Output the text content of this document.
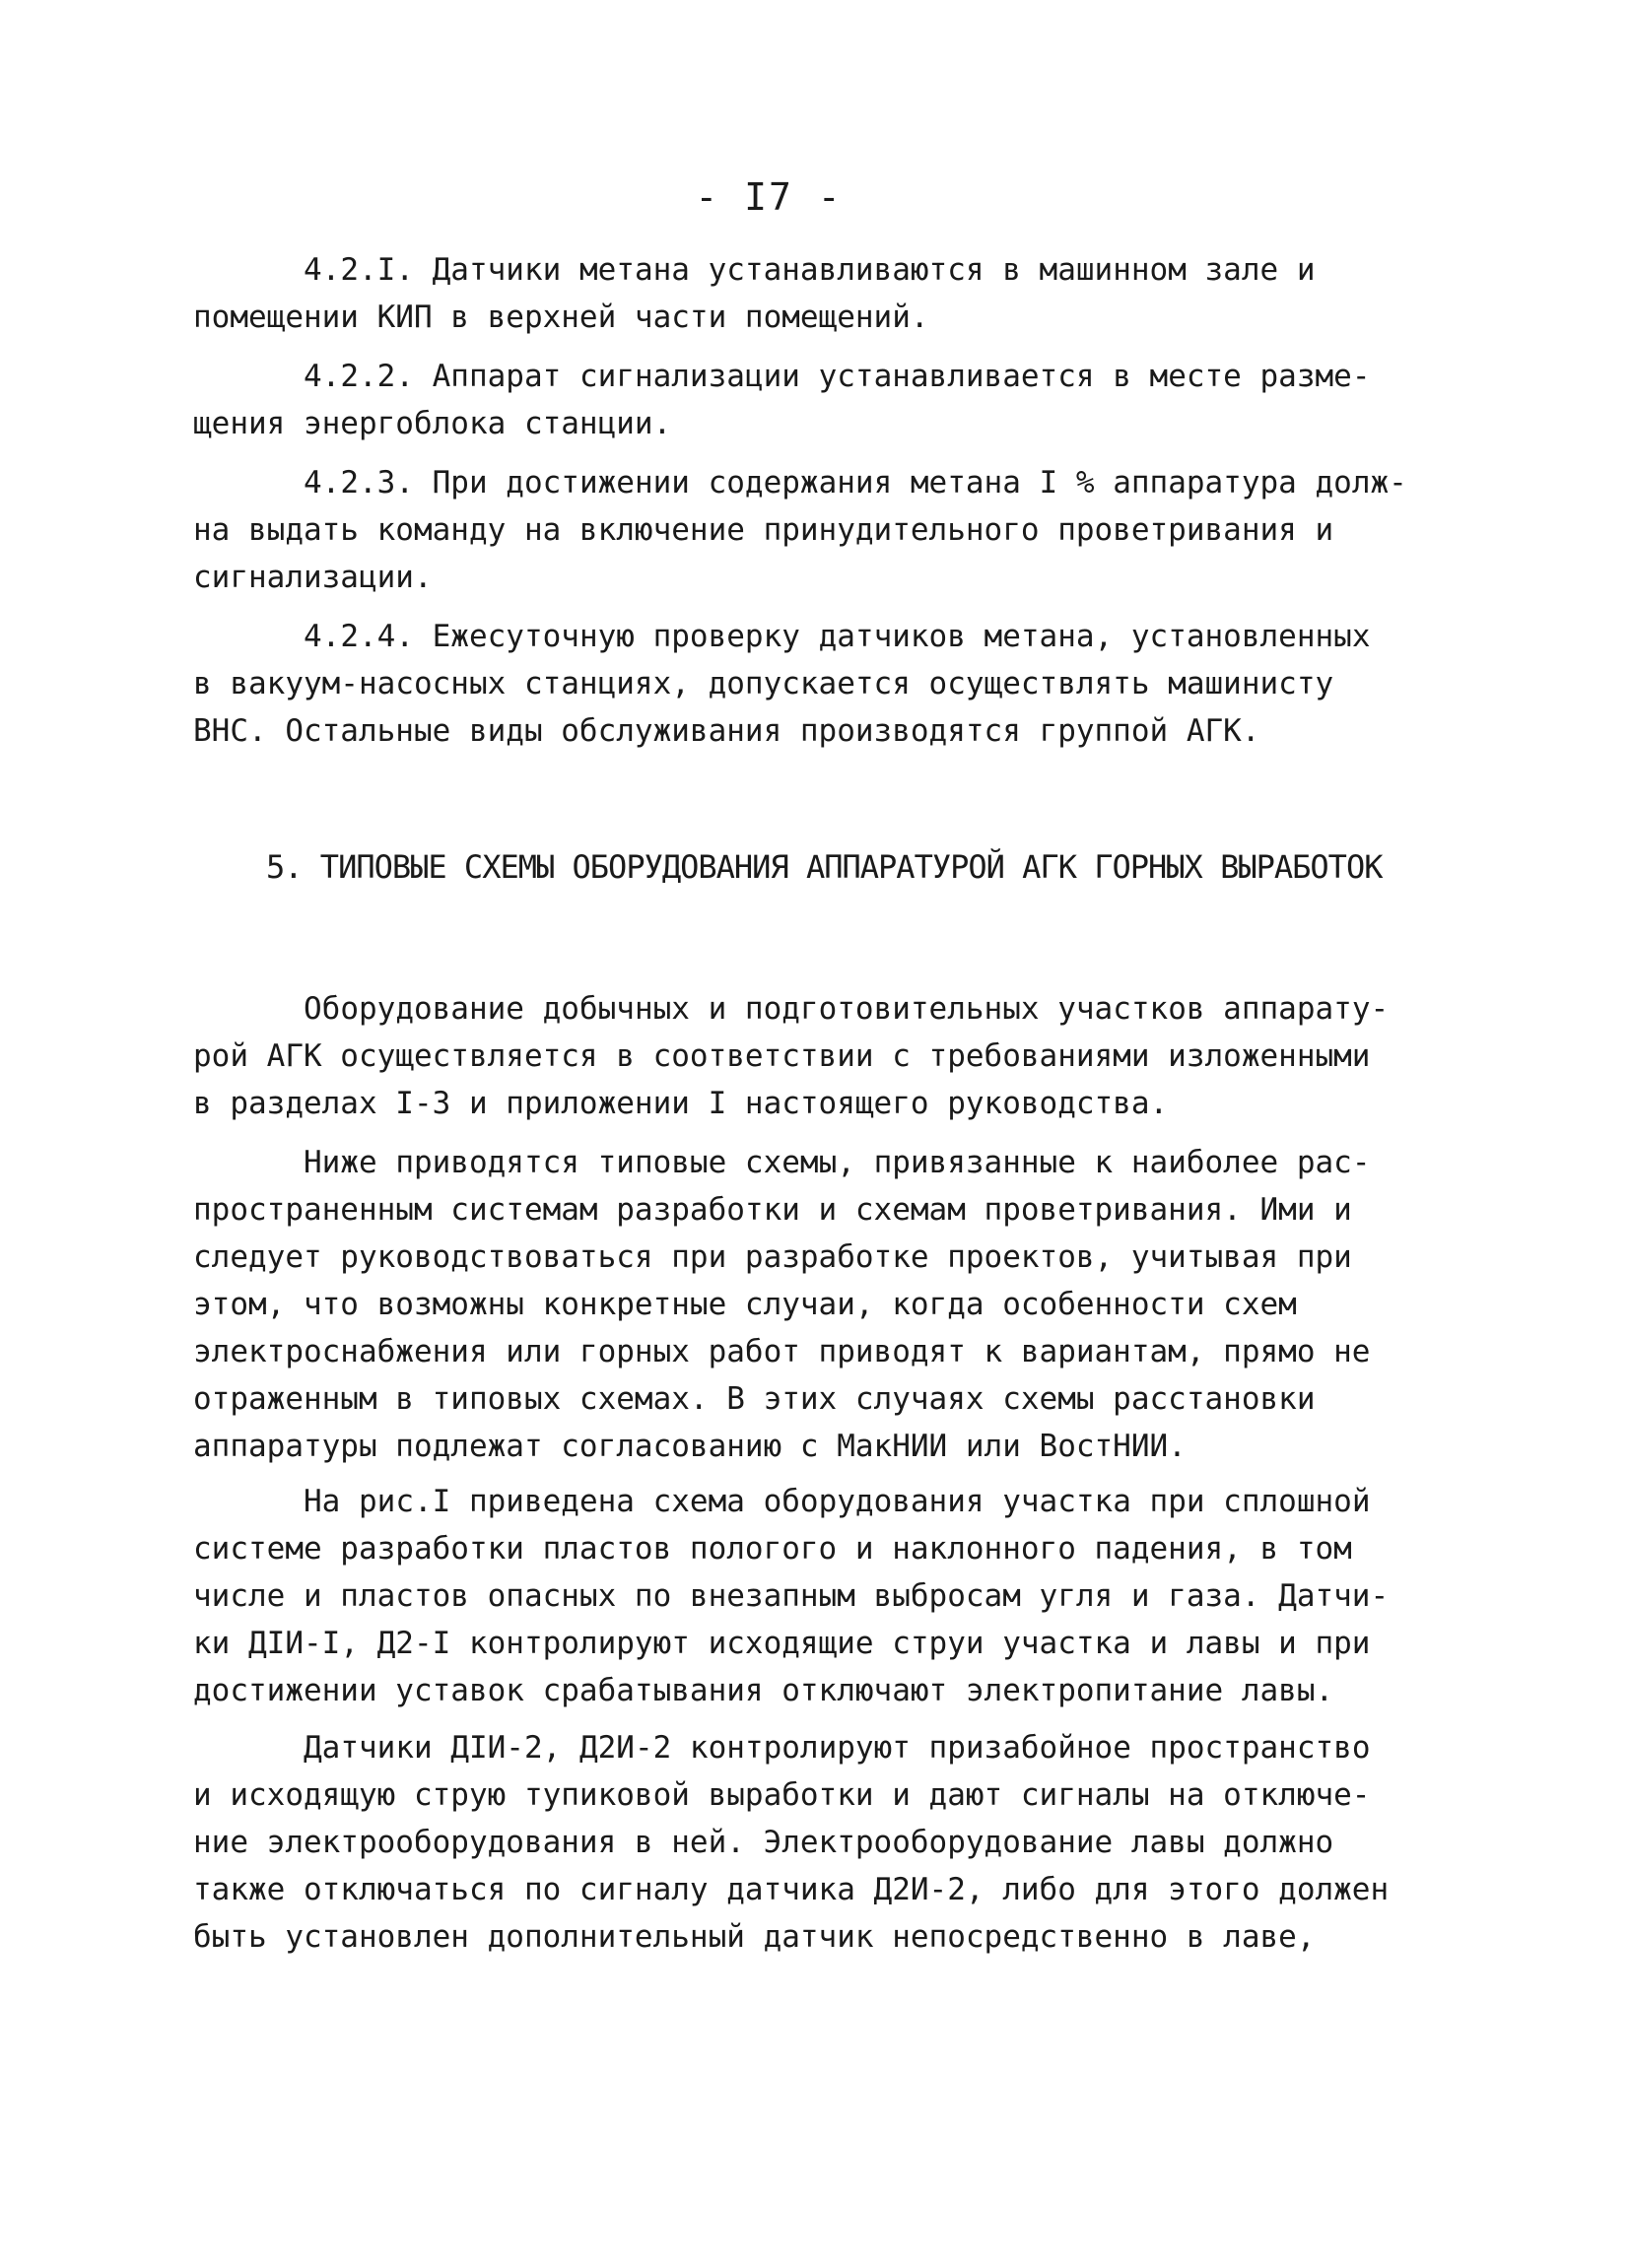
- I7 -

4.2.I. Датчики метана устанавливаются в машинном зале и
помещении КИП в верхней части помещений.

4.2.2. Аппарат сигнализации устанавливается в месте разме-
щения энергоблока станции.

4.2.3. При достижении содержания метана I % аппаратура долж-
на выдать команду на включение принудительного проветривания и
сигнализации.

4.2.4. Ежесуточную проверку датчиков метана, установленных
в вакуум-насосных станциях, допускается осуществлять машинисту
ВНС. Остальные виды обслуживания производятся группой АГК.

5. ТИПОВЫЕ СХЕМЫ ОБОРУДОВАНИЯ АППАРАТУРОЙ АГК ГОРНЫХ ВЫРАБОТОК

Оборудование добычных и подготовительных участков аппарату-
рой АГК осуществляется в соответствии с требованиями изложенными
в разделах I-3 и приложении I настоящего руководства.

Ниже приводятся типовые схемы, привязанные к наиболее рас-
пространенным системам разработки и схемам проветривания. Ими и
следует руководствоваться при разработке проектов, учитывая при
этом, что возможны конкретные случаи, когда особенности схем
электроснабжения или горных работ приводят к вариантам, прямо не
отраженным в типовых схемах. В этих случаях схемы расстановки
аппаратуры подлежат согласованию с МакНИИ или ВостНИИ.

На рис.I приведена схема оборудования участка при сплошной
системе разработки пластов пологого и наклонного падения, в том
числе и пластов опасных по внезапным выбросам угля и газа. Датчи-
ки ДIИ-I, Д2-I контролируют исходящие струи участка и лавы и при
достижении уставок срабатывания отключают электропитание лавы.

Датчики ДIИ-2, Д2И-2 контролируют призабойное пространство
и исходящую струю тупиковой выработки и дают сигналы на отключе-
ние электрооборудования в ней. Электрооборудование лавы должно
также отключаться по сигналу датчика Д2И-2, либо для этого должен
быть установлен дополнительный датчик непосредственно в лаве,
